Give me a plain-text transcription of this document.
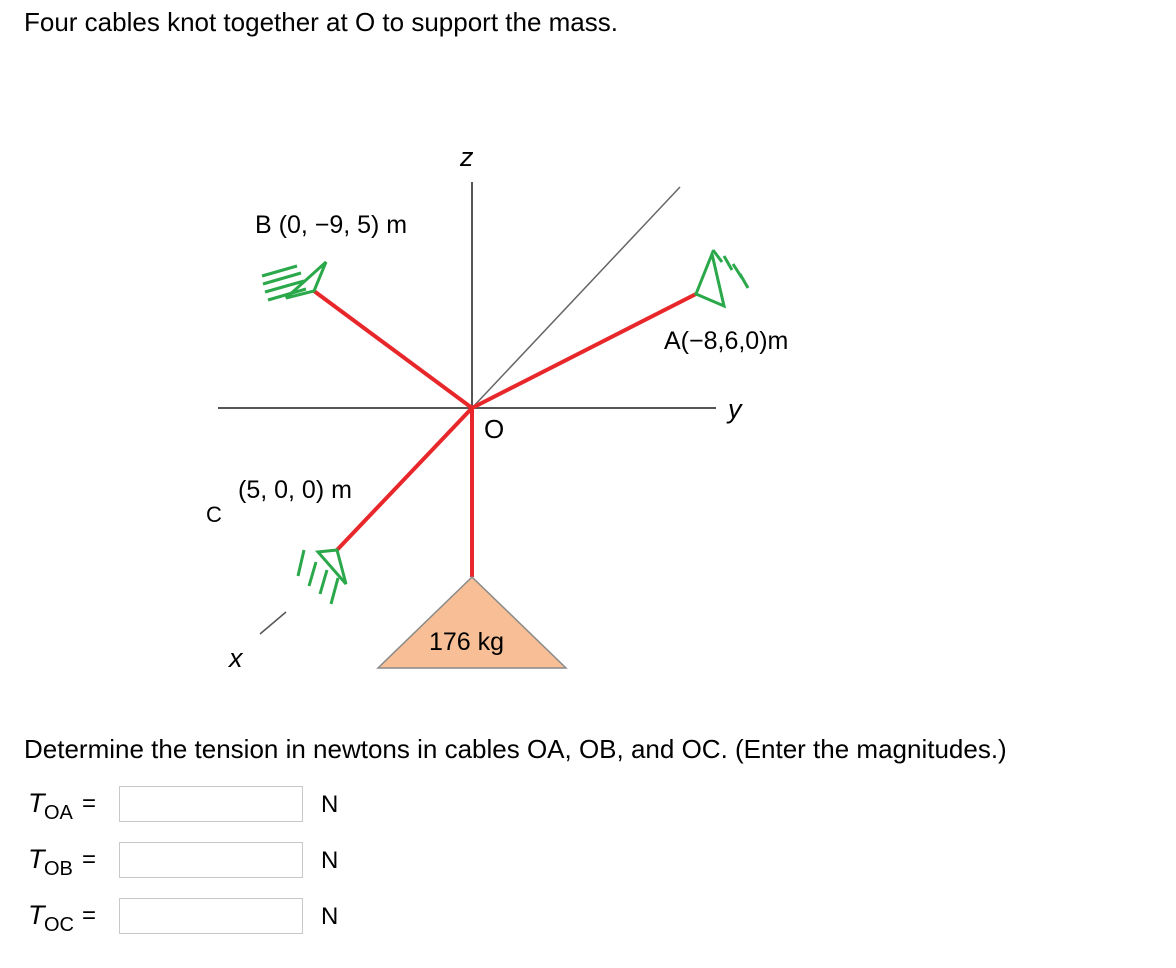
Four cables knot together at O to support the mass.
z
y
x
O
B (0, −9, 5) m
A(−8,6,0)m
C
(5, 0, 0) m
176 kg
Determine the tension in newtons in cables OA, OB, and OC. (Enter the magnitudes.)
T OA =	N
T OB =	N
T OC =	N
